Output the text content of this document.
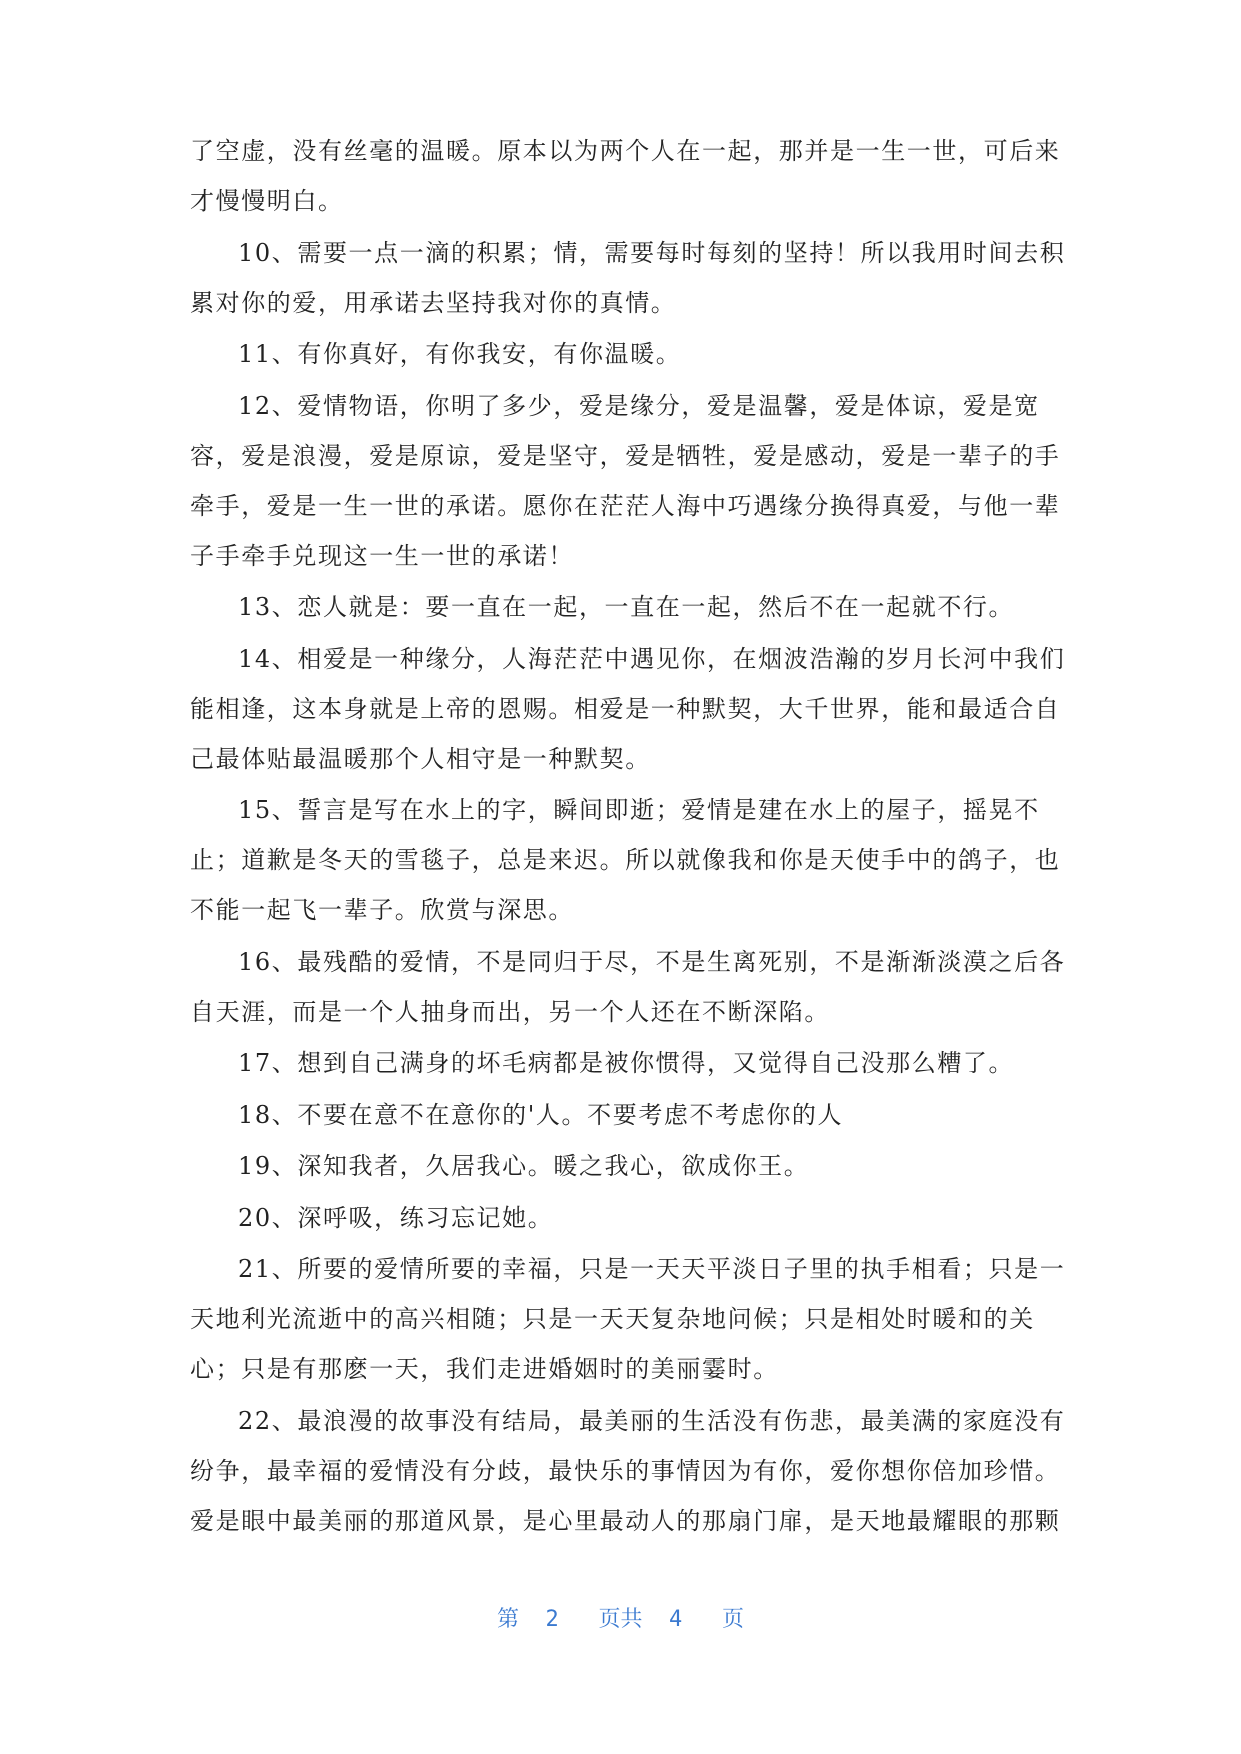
了空虚，没有丝毫的温暖。原本以为两个人在一起，那并是一生一世，可后来
才慢慢明白。
10、需要一点一滴的积累；情，需要每时每刻的坚持！所以我用时间去积
累对你的爱，用承诺去坚持我对你的真情。
11、有你真好，有你我安，有你温暖。
12、爱情物语，你明了多少，爱是缘分，爱是温馨，爱是体谅，爱是宽
容，爱是浪漫，爱是原谅，爱是坚守，爱是牺牲，爱是感动，爱是一辈子的手
牵手，爱是一生一世的承诺。愿你在茫茫人海中巧遇缘分换得真爱，与他一辈
子手牵手兑现这一生一世的承诺！
13、恋人就是：要一直在一起，一直在一起，然后不在一起就不行。
14、相爱是一种缘分，人海茫茫中遇见你，在烟波浩瀚的岁月长河中我们
能相逢，这本身就是上帝的恩赐。相爱是一种默契，大千世界，能和最适合自
己最体贴最温暖那个人相守是一种默契。
15、誓言是写在水上的字，瞬间即逝；爱情是建在水上的屋子，摇晃不
止；道歉是冬天的雪毯子，总是来迟。所以就像我和你是天使手中的鸽子，也
不能一起飞一辈子。欣赏与深思。
16、最残酷的爱情，不是同归于尽，不是生离死别，不是渐渐淡漠之后各
自天涯，而是一个人抽身而出，另一个人还在不断深陷。
17、想到自己满身的坏毛病都是被你惯得，又觉得自己没那么糟了。
18、不要在意不在意你的'人。不要考虑不考虑你的人
19、深知我者，久居我心。暖之我心，欲成你王。
20、深呼吸，练习忘记她。
21、所要的爱情所要的幸福，只是一天天平淡日子里的执手相看；只是一
天地利光流逝中的高兴相随；只是一天天复杂地问候；只是相处时暖和的关
心；只是有那麽一天，我们走进婚姻时的美丽霎时。
22、最浪漫的故事没有结局，最美丽的生活没有伤悲，最美满的家庭没有
纷争，最幸福的爱情没有分歧，最快乐的事情因为有你，爱你想你倍加珍惜。
爱是眼中最美丽的那道风景，是心里最动人的那扇门扉，是天地最耀眼的那颗
第  2   页共  4   页
